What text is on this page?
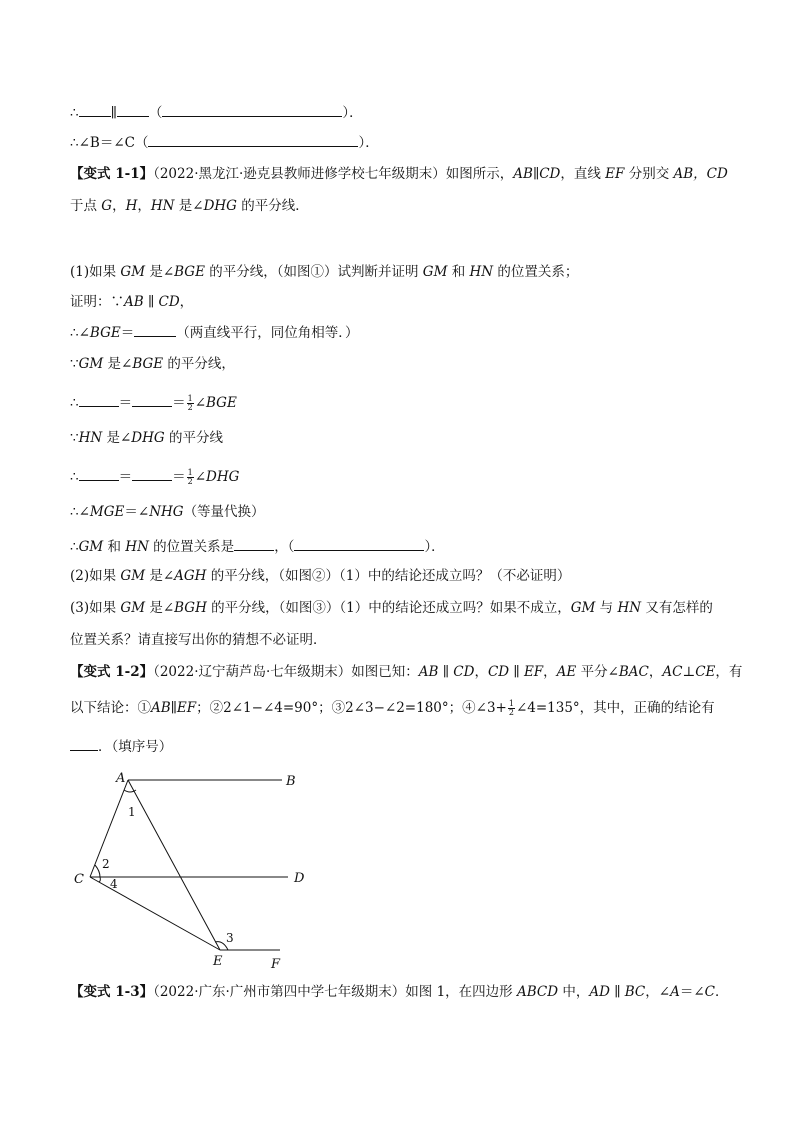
∴ ∥ （	）．
∴∠B＝∠C（	）．
【变式 1-1】（2022·黑龙江·逊克县教师进修学校七年级期末）如图所示，AB∥CD，直线 EF 分别交 AB，CD
于点 G，H，HN 是∠DHG 的平分线．
(1)如果 GM 是∠BGE 的平分线，（如图①）试判断并证明 GM 和 HN 的位置关系；
证明：∵AB ∥ CD，
∴∠BGE＝	（两直线平行，同位角相等．）
∵GM 是∠BGE 的平分线，
∴	＝	＝ $\frac{1}{2}$ ∠BGE
∵HN 是∠DHG 的平分线
∴	＝	＝ $\frac{1}{2}$ ∠DHG
∴∠MGE＝∠NHG（等量代换）
∴GM 和 HN 的位置关系是	，（	）．
(2)如果 GM 是∠AGH 的平分线，（如图②）（1）中的结论还成立吗？（不必证明）
(3)如果 GM 是∠BGH 的平分线，（如图③）（1）中的结论还成立吗？如果不成立，GM 与 HN 又有怎样的
位置关系？请直接写出你的猜想不必证明．
【变式 1-2】（2022·辽宁葫芦岛·七年级期末）如图已知：AB ∥ CD，CD ∥ EF，AE 平分∠BAC，AC⊥CE，有
以下结论：①AB∥EF；②2∠1−∠4=90°；③2∠3−∠2=180°；④∠3+ $\frac{1}{2}$ ∠4=135°，其中，正确的结论有
．（填序号）
A	B
C	D
E	F
1
2
4
3
【变式 1-3】（2022·广东·广州市第四中学七年级期末）如图 1，在四边形 ABCD 中，AD ∥ BC，∠A＝∠C．
